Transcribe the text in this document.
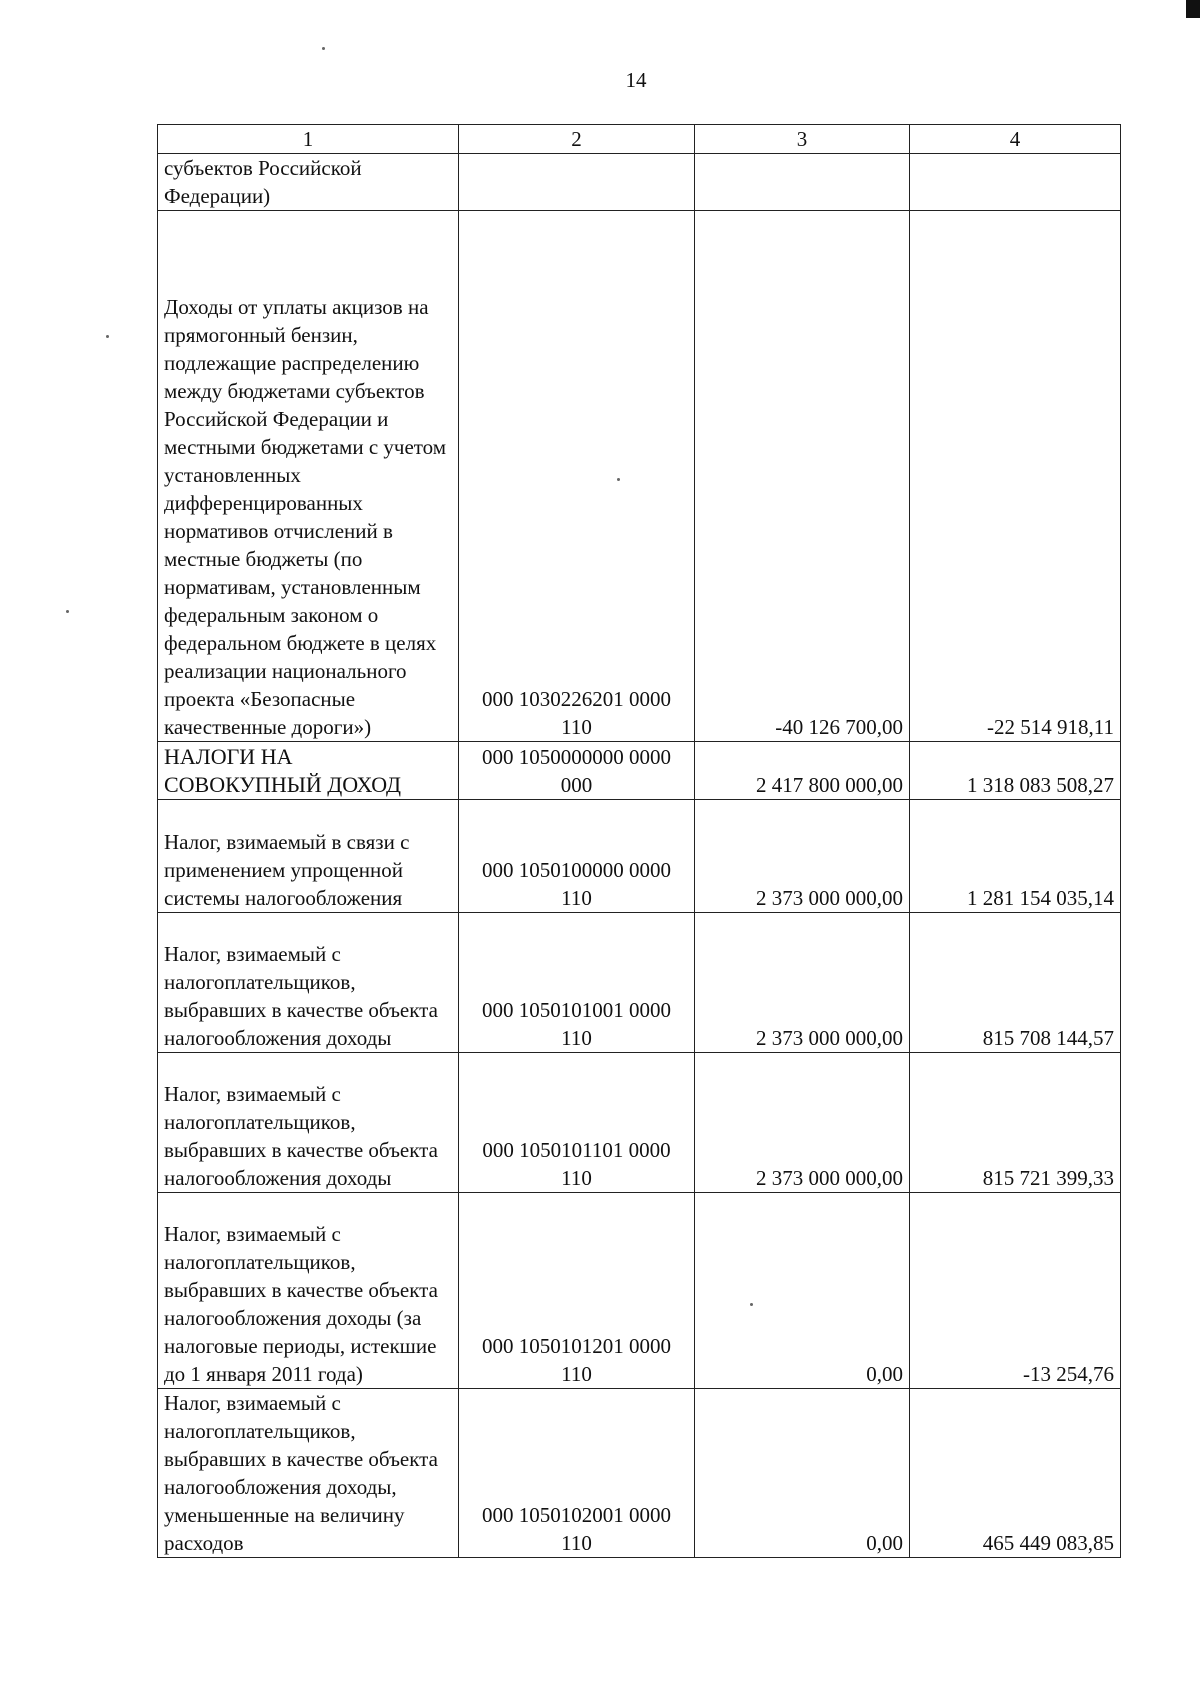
14
1	2	3	4
субъектов Российской Федерации)			
Доходы от уплаты акцизов на прямогонный бензин, подлежащие распределению между бюджетами субъектов Российской Федерации и местными бюджетами с учетом установленных дифференцированных нормативов отчислений в местные бюджеты (по нормативам, установленным федеральным законом о федеральном бюджете в целях реализации национального проекта «Безопасные качественные дороги»)	000 1030226201 0000 110	-40 126 700,00	-22 514 918,11
НАЛОГИ НА СОВОКУПНЫЙ ДОХОД	000 1050000000 0000 000	2 417 800 000,00	1 318 083 508,27
Налог, взимаемый в связи с применением упрощенной системы налогообложения	000 1050100000 0000 110	2 373 000 000,00	1 281 154 035,14
Налог, взимаемый с налогоплательщиков, выбравших в качестве объекта налогообложения доходы	000 1050101001 0000 110	2 373 000 000,00	815 708 144,57
Налог, взимаемый с налогоплательщиков, выбравших в качестве объекта налогообложения доходы	000 1050101101 0000 110	2 373 000 000,00	815 721 399,33
Налог, взимаемый с налогоплательщиков, выбравших в качестве объекта налогообложения доходы (за налоговые периоды, истекшие до 1 января 2011 года)	000 1050101201 0000 110	0,00	-13 254,76
Налог, взимаемый с налогоплательщиков, выбравших в качестве объекта налогообложения доходы, уменьшенные на величину расходов	000 1050102001 0000 110	0,00	465 449 083,85
